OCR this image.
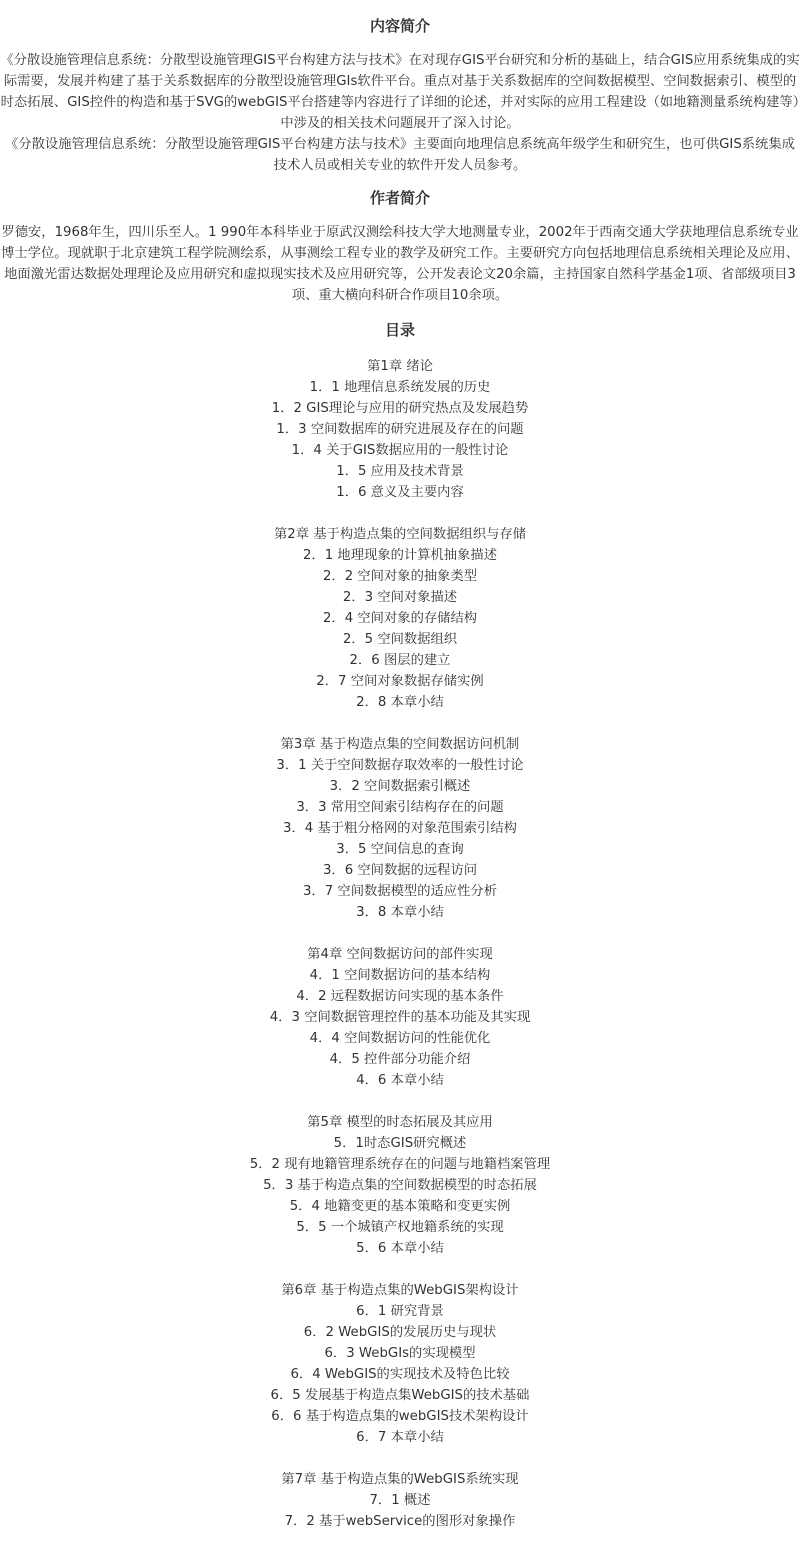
内容简介

《分散设施管理信息系统：分散型设施管理GIS平台构建方法与技术》在对现存GIS平台研究和分析的基础上，结合GIS应用系统集成的实际需要，发展并构建了基于关系数据库的分散型设施管理GIs软件平台。重点对基于关系数据库的空间数据模型、空间数据索引、模型的时态拓展、GIS控件的构造和基于SVG的webGIS平台搭建等内容进行了详细的论述，并对实际的应用工程建设（如地籍测量系统构建等）中涉及的相关技术问题展开了深入讨论。

《分散设施管理信息系统：分散型设施管理GIS平台构建方法与技术》主要面向地理信息系统高年级学生和研究生，也可供GIS系统集成技术人员或相关专业的软件开发人员参考。

作者简介

罗德安，1968年生，四川乐至人。1 990年本科毕业于原武汉测绘科技大学大地测量专业，2002年于西南交通大学获地理信息系统专业博士学位。现就职于北京建筑工程学院测绘系，从事测绘工程专业的教学及研究工作。主要研究方向包括地理信息系统相关理论及应用、地面激光雷达数据处理理论及应用研究和虚拟现实技术及应用研究等，公开发表论文20余篇，主持国家自然科学基金1项、省部级项目3项、重大横向科研合作项目10余项。

目录
第1章 绪论
1．1 地理信息系统发展的历史
1．2 GIS理论与应用的研究热点及发展趋势
1．3 空间数据库的研究进展及存在的问题
1．4 关于GIS数据应用的一般性讨论
1．5 应用及技术背景
1．6 意义及主要内容
第2章 基于构造点集的空间数据组织与存储
2．1 地理现象的计算机抽象描述
2．2 空间对象的抽象类型
2．3 空间对象描述
2．4 空间对象的存储结构
2．5 空间数据组织
2．6 图层的建立
2．7 空间对象数据存储实例
2．8 本章小结
第3章 基于构造点集的空间数据访问机制
3．1 关于空间数据存取效率的一般性讨论
3．2 空间数据索引概述
3．3 常用空间索引结构存在的问题
3．4 基于粗分格网的对象范围索引结构
3．5 空间信息的查询
3．6 空间数据的远程访问
3．7 空间数据模型的适应性分析
3．8 本章小结
第4章 空间数据访问的部件实现
4．1 空间数据访问的基本结构
4．2 远程数据访问实现的基本条件
4．3 空间数据管理控件的基本功能及其实现
4．4 空间数据访问的性能优化
4．5 控件部分功能介绍
4．6 本章小结
第5章 模型的时态拓展及其应用
5．1时态GIS研究概述
5．2 现有地籍管理系统存在的问题与地籍档案管理
5．3 基于构造点集的空间数据模型的时态拓展
5．4 地籍变更的基本策略和变更实例
5．5 一个城镇产权地籍系统的实现
5．6 本章小结
第6章 基于构造点集的WebGIS架构设计
6．1 研究背景
6．2 WebGIS的发展历史与现状
6．3 WebGIs的实现模型
6．4 WebGIS的实现技术及特色比较
6．5 发展基于构造点集WebGIS的技术基础
6．6 基于构造点集的webGIS技术架构设计
6．7 本章小结
第7章 基于构造点集的WebGIS系统实现
7．1 概述
7．2 基于webService的图形对象操作
